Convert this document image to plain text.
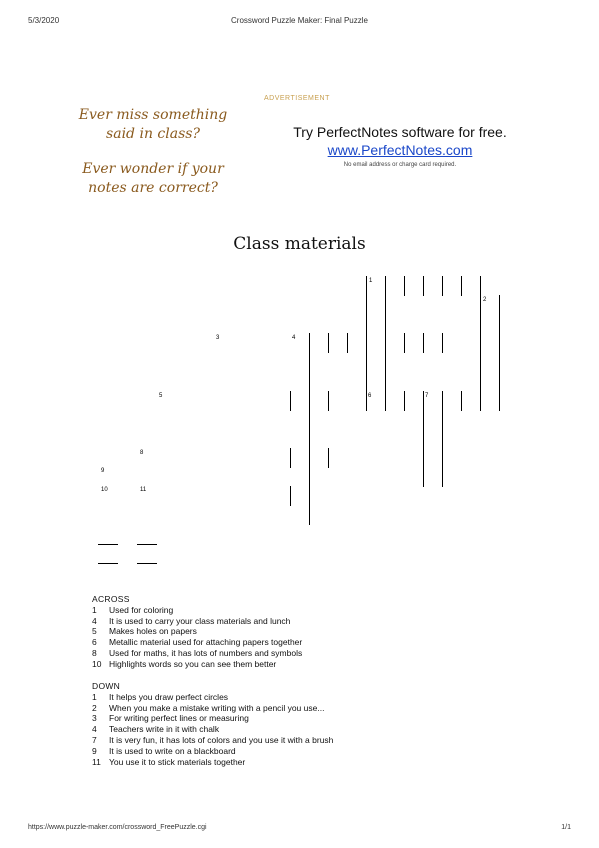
5/3/2020	Crossword Puzzle Maker: Final Puzzle
ADVERTISEMENT
Ever miss something
said in class?
Ever wonder if your
notes are correct?
Try PerfectNotes software for free.
www.PerfectNotes.com
No email address or charge card required.
Class materials
1
2
3	4
5	6	7
8
9
10	11
ACROSS
1 Used for coloring
4 It is used to carry your class materials and lunch
5 Makes holes on papers
6 Metallic material used for attaching papers together
8 Used for maths, it has lots of numbers and symbols
10 Highlights words so you can see them better
DOWN
1 It helps you draw perfect circles
2 When you make a mistake writing with a pencil you use...
3 For writing perfect lines or measuring
4 Teachers write in it with chalk
7 It is very fun, it has lots of colors and you use it with a brush
9 It is used to write on a blackboard
11 You use it to stick materials together
https://www.puzzle-maker.com/crossword_FreePuzzle.cgi	1/1
